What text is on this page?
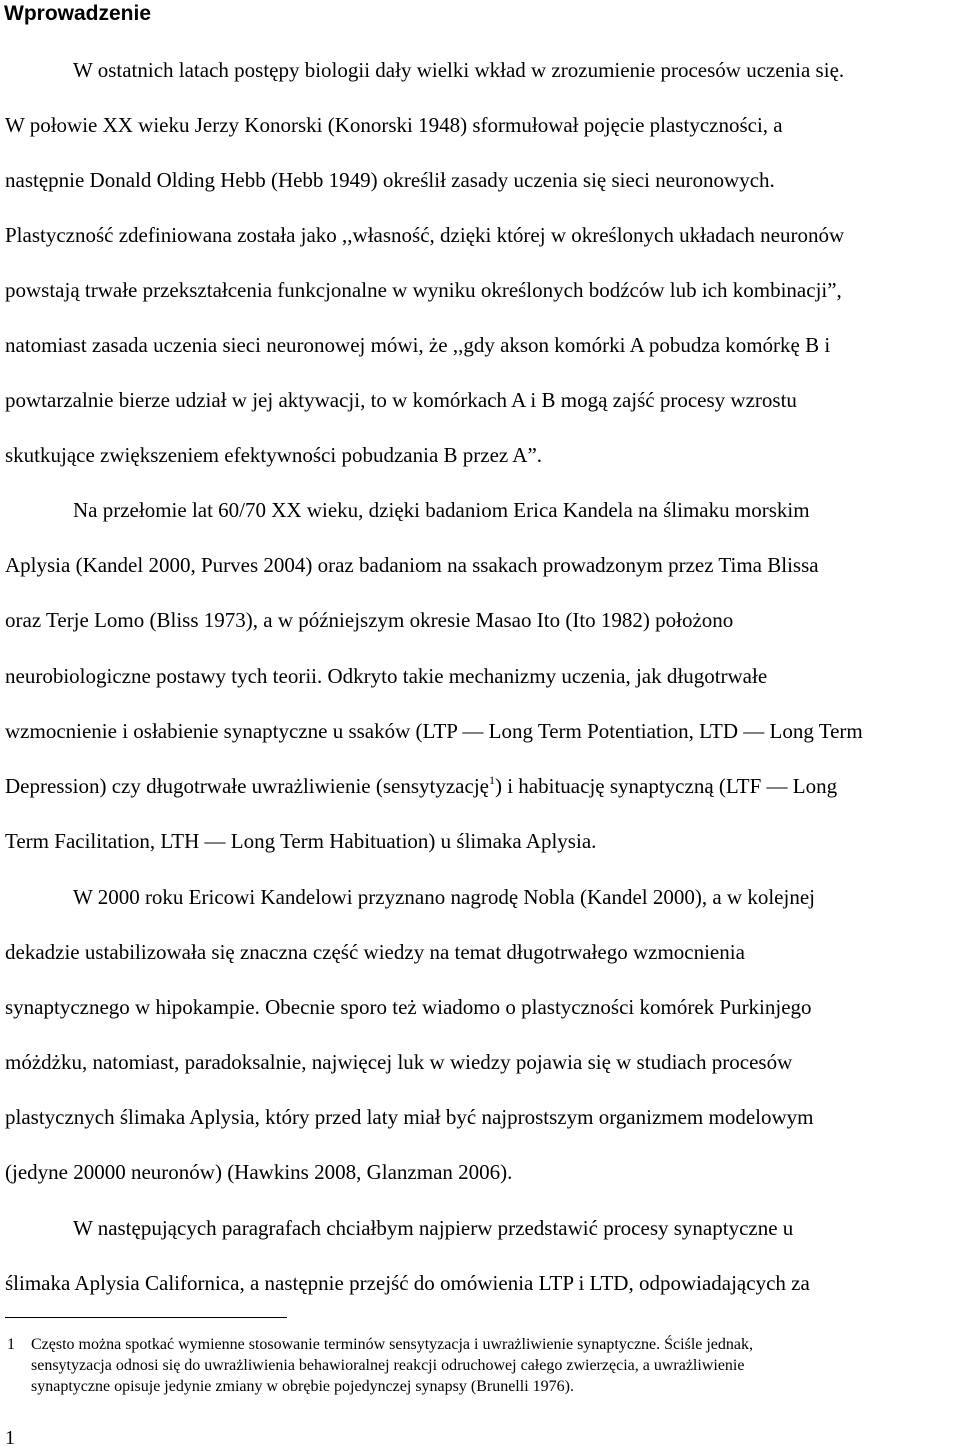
Wprowadzenie

W ostatnich latach postępy biologii dały wielki wkład w zrozumienie procesów uczenia się.

W połowie XX wieku Jerzy Konorski (Konorski 1948) sformułował pojęcie plastyczności, a

następnie Donald Olding Hebb (Hebb 1949) określił zasady uczenia się sieci neuronowych.

Plastyczność zdefiniowana została jako ,,własność, dzięki której w określonych układach neuronów

powstają trwałe przekształcenia funkcjonalne w wyniku określonych bodźców lub ich kombinacji”,

natomiast zasada uczenia sieci neuronowej mówi, że ,,gdy akson komórki A pobudza komórkę B i

powtarzalnie bierze udział w jej aktywacji, to w komórkach A i B mogą zajść procesy wzrostu

skutkujące zwiększeniem efektywności pobudzania B przez A”.

Na przełomie lat 60/70 XX wieku, dzięki badaniom Erica Kandela na ślimaku morskim

Aplysia (Kandel 2000, Purves 2004) oraz badaniom na ssakach prowadzonym przez Tima Blissa

oraz Terje Lomo (Bliss 1973), a w późniejszym okresie Masao Ito (Ito 1982) położono

neurobiologiczne postawy tych teorii. Odkryto takie mechanizmy uczenia, jak długotrwałe

wzmocnienie i osłabienie synaptyczne u ssaków (LTP — Long Term Potentiation, LTD — Long Term

Depression) czy długotrwałe uwrażliwienie (sensytyzację$^1$) i habituację synaptyczną (LTF — Long

Term Facilitation, LTH — Long Term Habituation) u ślimaka Aplysia.

W 2000 roku Ericowi Kandelowi przyznano nagrodę Nobla (Kandel 2000), a w kolejnej

dekadzie ustabilizowała się znaczna część wiedzy na temat długotrwałego wzmocnienia

synaptycznego w hipokampie. Obecnie sporo też wiadomo o plastyczności komórek Purkinjego

móżdżku, natomiast, paradoksalnie, najwięcej luk w wiedzy pojawia się w studiach procesów

plastycznych ślimaka Aplysia, który przed laty miał być najprostszym organizmem modelowym

(jedyne 20000 neuronów) (Hawkins 2008, Glanzman 2006).

W następujących paragrafach chciałbym najpierw przedstawić procesy synaptyczne u

ślimaka Aplysia Californica, a następnie przejść do omówienia LTP i LTD, odpowiadających za

1 Często można spotkać wymienne stosowanie terminów sensytyzacja i uwrażliwienie synaptyczne. Ściśle jednak,

sensytyzacja odnosi się do uwrażliwienia behawioralnej reakcji odruchowej całego zwierzęcia, a uwrażliwienie

synaptyczne opisuje jedynie zmiany w obrębie pojedynczej synapsy (Brunelli 1976).

1
